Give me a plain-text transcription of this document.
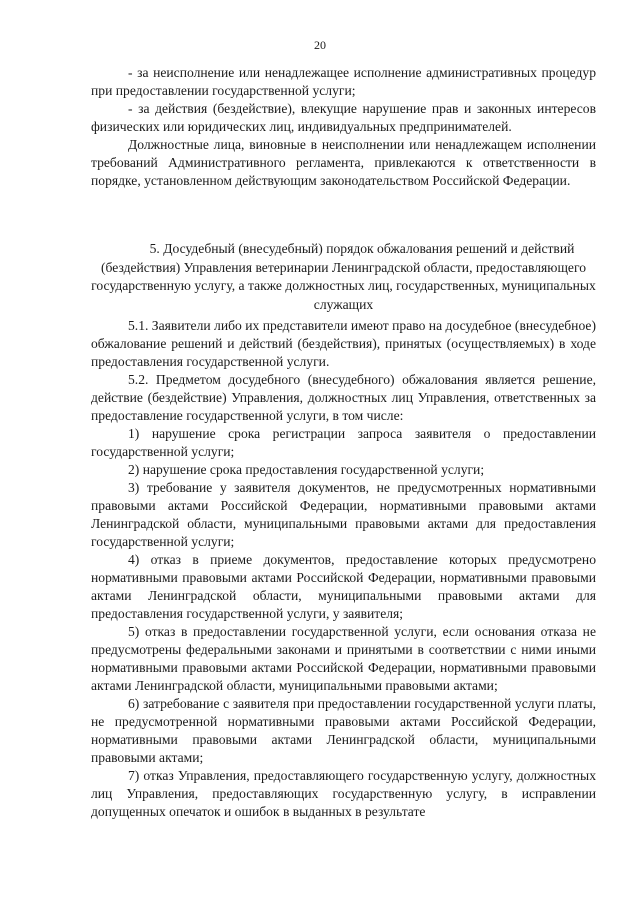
20

- за неисполнение или ненадлежащее исполнение административных процедур при предоставлении государственной услуги;

- за действия (бездействие), влекущие нарушение прав и законных интересов физических или юридических лиц, индивидуальных предпринимателей.

Должностные лица, виновные в неисполнении или ненадлежащем исполнении требований Административного регламента, привлекаются к ответственности в порядке, установленном действующим законодательством Российской Федерации.

5. Досудебный (внесудебный) порядок обжалования решений и действий (бездействия) Управления ветеринарии Ленинградской области, предоставляющего государственную услугу, а также должностных лиц, государственных, муниципальных служащих

5.1. Заявители либо их представители имеют право на досудебное (внесудебное) обжалование решений и действий (бездействия), принятых (осуществляемых) в ходе предоставления государственной услуги.

5.2. Предметом досудебного (внесудебного) обжалования является решение, действие (бездействие) Управления, должностных лиц Управления, ответственных за предоставление государственной услуги, в том числе:

1) нарушение срока регистрации запроса заявителя о предоставлении государственной услуги;

2) нарушение срока предоставления государственной услуги;

3) требование у заявителя документов, не предусмотренных нормативными правовыми актами Российской Федерации, нормативными правовыми актами Ленинградской области, муниципальными правовыми актами для предоставления государственной услуги;

4) отказ в приеме документов, предоставление которых предусмотрено нормативными правовыми актами Российской Федерации, нормативными правовыми актами Ленинградской области, муниципальными правовыми актами для предоставления государственной услуги, у заявителя;

5) отказ в предоставлении государственной услуги, если основания отказа не предусмотрены федеральными законами и принятыми в соответствии с ними иными нормативными правовыми актами Российской Федерации, нормативными правовыми актами Ленинградской области, муниципальными правовыми актами;

6) затребование с заявителя при предоставлении государственной услуги платы, не предусмотренной нормативными правовыми актами Российской Федерации, нормативными правовыми актами Ленинградской области, муниципальными правовыми актами;

7) отказ Управления, предоставляющего государственную услугу, должностных лиц Управления, предоставляющих государственную услугу, в исправлении допущенных опечаток и ошибок в выданных в результате
